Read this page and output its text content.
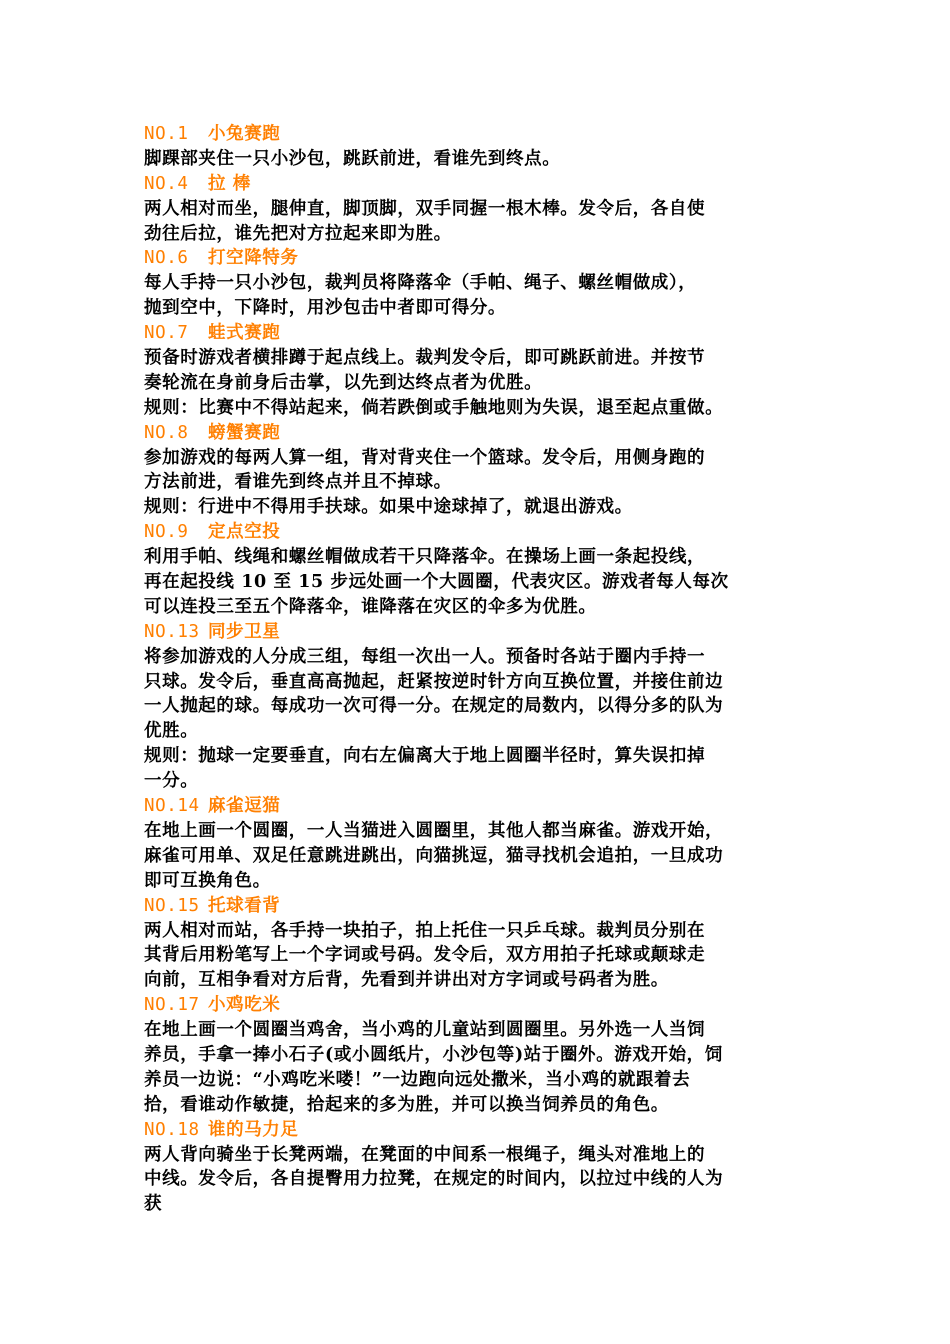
NO.1 小兔赛跑
脚踝部夹住一只小沙包，跳跃前进，看谁先到终点。
NO.4 拉 棒
两人相对而坐，腿伸直，脚顶脚，双手同握一根木棒。发令后，各自使
劲往后拉，谁先把对方拉起来即为胜。
NO.6 打空降特务
每人手持一只小沙包，裁判员将降落伞（手帕、绳子、螺丝帽做成），
抛到空中，下降时，用沙包击中者即可得分。
NO.7 蛙式赛跑
预备时游戏者横排蹲于起点线上。裁判发令后，即可跳跃前进。并按节
奏轮流在身前身后击掌，以先到达终点者为优胜。
规则：比赛中不得站起来，倘若跌倒或手触地则为失误，退至起点重做。
NO.8 螃蟹赛跑
参加游戏的每两人算一组，背对背夹住一个篮球。发令后，用侧身跑的
方法前进，看谁先到终点并且不掉球。
规则：行进中不得用手扶球。如果中途球掉了，就退出游戏。
NO.9 定点空投
利用手帕、线绳和螺丝帽做成若干只降落伞。在操场上画一条起投线，
再在起投线 10 至 15 步远处画一个大圆圈，代表灾区。游戏者每人每次
可以连投三至五个降落伞，谁降落在灾区的伞多为优胜。
NO.13 同步卫星
将参加游戏的人分成三组，每组一次出一人。预备时各站于圈内手持一
只球。发令后，垂直高高抛起，赶紧按逆时针方向互换位置，并接住前边
一人抛起的球。每成功一次可得一分。在规定的局数内，以得分多的队为
优胜。
规则：抛球一定要垂直，向右左偏离大于地上圆圈半径时，算失误扣掉
一分。
NO.14 麻雀逗猫
在地上画一个圆圈，一人当猫进入圆圈里，其他人都当麻雀。游戏开始，
麻雀可用单、双足任意跳进跳出，向猫挑逗，猫寻找机会追拍，一旦成功
即可互换角色。
NO.15 托球看背
两人相对而站，各手持一块拍子，拍上托住一只乒乓球。裁判员分别在
其背后用粉笔写上一个字词或号码。发令后，双方用拍子托球或颠球走
向前，互相争看对方后背，先看到并讲出对方字词或号码者为胜。
NO.17 小鸡吃米
在地上画一个圆圈当鸡舍，当小鸡的儿童站到圆圈里。另外选一人当饲
养员，手拿一捧小石子(或小圆纸片，小沙包等)站于圈外。游戏开始，饲
养员一边说：“小鸡吃米喽！”一边跑向远处撒米，当小鸡的就跟着去
拾，看谁动作敏捷，拾起来的多为胜，并可以换当饲养员的角色。
NO.18 谁的马力足
两人背向骑坐于长凳两端，在凳面的中间系一根绳子，绳头对准地上的
中线。发令后，各自提臀用力拉凳，在规定的时间内，以拉过中线的人为
获
